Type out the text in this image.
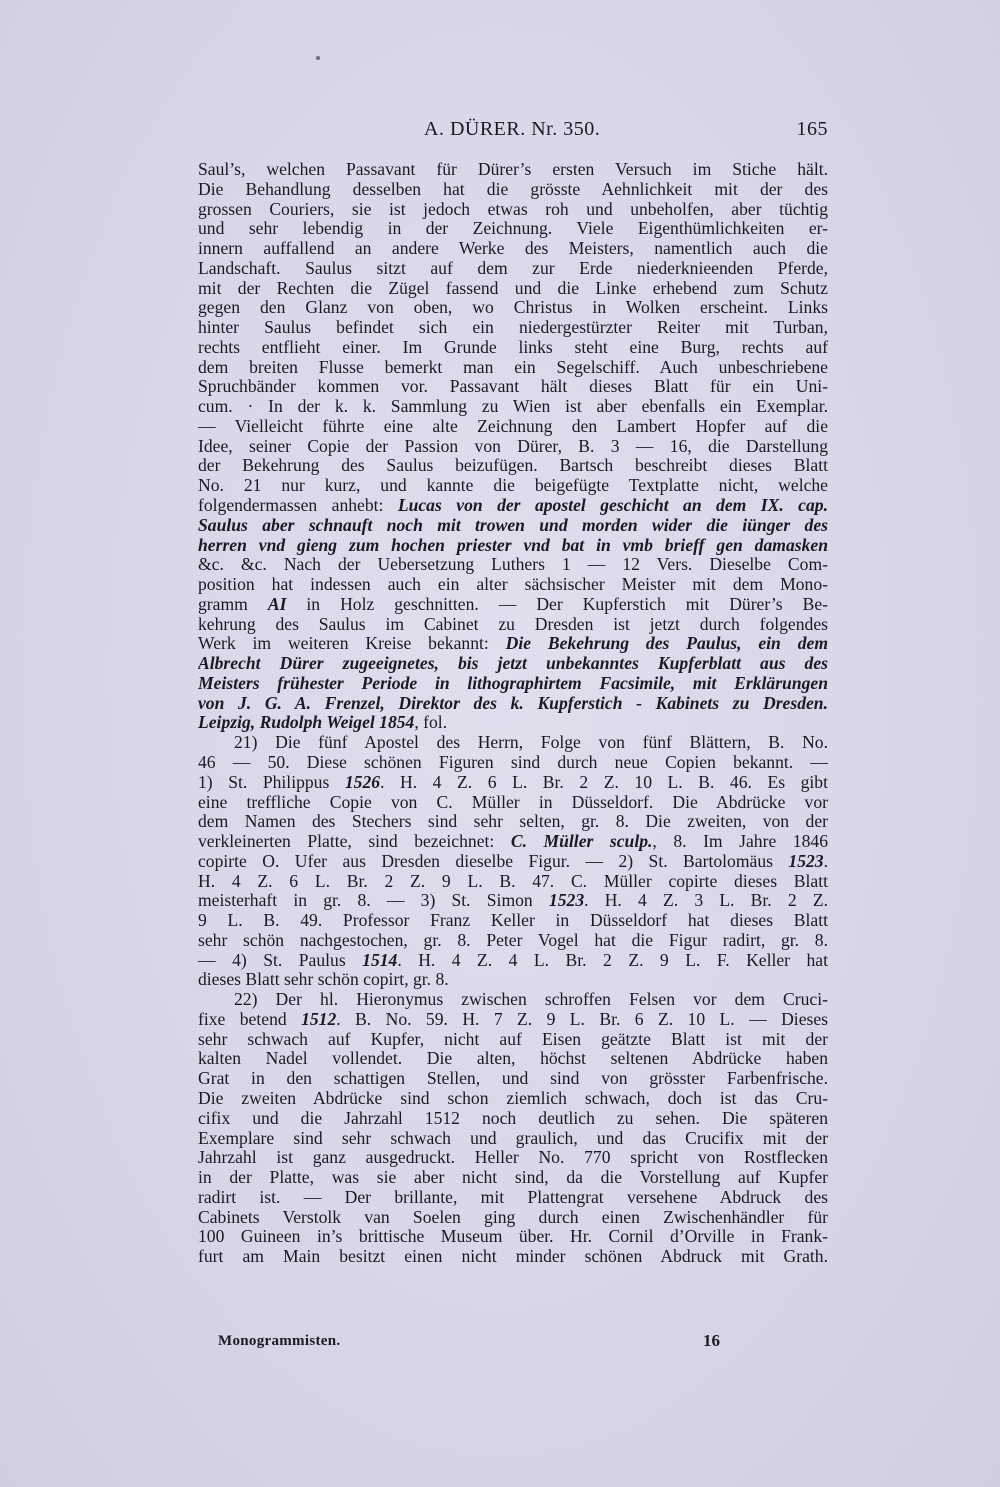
A. DÜRER. Nr. 350.	165
Saul’s, welchen Passavant für Dürer’s ersten Versuch im Stiche hält.
Die Behandlung desselben hat die grösste Aehnlichkeit mit der des
grossen Couriers, sie ist jedoch etwas roh und unbeholfen, aber tüchtig
und sehr lebendig in der Zeichnung. Viele Eigenthümlichkeiten er-
innern auffallend an andere Werke des Meisters, namentlich auch die
Landschaft. Saulus sitzt auf dem zur Erde niederknieenden Pferde,
mit der Rechten die Zügel fassend und die Linke erhebend zum Schutz
gegen den Glanz von oben, wo Christus in Wolken erscheint. Links
hinter Saulus befindet sich ein niedergestürzter Reiter mit Turban,
rechts entflieht einer. Im Grunde links steht eine Burg, rechts auf
dem breiten Flusse bemerkt man ein Segelschiff. Auch unbeschriebene
Spruchbänder kommen vor. Passavant hält dieses Blatt für ein Uni-
cum. · In der k. k. Sammlung zu Wien ist aber ebenfalls ein Exemplar.
— Vielleicht führte eine alte Zeichnung den Lambert Hopfer auf die
Idee, seiner Copie der Passion von Dürer, B. 3 — 16, die Darstellung
der Bekehrung des Saulus beizufügen. Bartsch beschreibt dieses Blatt
No. 21 nur kurz, und kannte die beigefügte Textplatte nicht, welche
folgendermassen anhebt: Lucas von der apostel geschicht an dem IX. cap.
Saulus aber schnauft noch mit trowen und morden wider die iünger des
herren vnd gieng zum hochen priester vnd bat in vmb brieff gen damasken
&c. &c. Nach der Uebersetzung Luthers 1 — 12 Vers. Dieselbe Com-
position hat indessen auch ein alter sächsischer Meister mit dem Mono-
gramm AI in Holz geschnitten. — Der Kupferstich mit Dürer’s Be-
kehrung des Saulus im Cabinet zu Dresden ist jetzt durch folgendes
Werk im weiteren Kreise bekannt: Die Bekehrung des Paulus, ein dem
Albrecht Dürer zugeeignetes, bis jetzt unbekanntes Kupferblatt aus des
Meisters frühester Periode in lithographirtem Facsimile, mit Erklärungen
von J. G. A. Frenzel, Direktor des k. Kupferstich - Kabinets zu Dresden.
Leipzig, Rudolph Weigel 1854, fol.
21) Die fünf Apostel des Herrn, Folge von fünf Blättern, B. No.
46 — 50. Diese schönen Figuren sind durch neue Copien bekannt. —
1) St. Philippus 1526. H. 4 Z. 6 L. Br. 2 Z. 10 L. B. 46. Es gibt
eine treffliche Copie von C. Müller in Düsseldorf. Die Abdrücke vor
dem Namen des Stechers sind sehr selten, gr. 8. Die zweiten, von der
verkleinerten Platte, sind bezeichnet: C. Müller sculp., 8. Im Jahre 1846
copirte O. Ufer aus Dresden dieselbe Figur. — 2) St. Bartolomäus 1523.
H. 4 Z. 6 L. Br. 2 Z. 9 L. B. 47. C. Müller copirte dieses Blatt
meisterhaft in gr. 8. — 3) St. Simon 1523. H. 4 Z. 3 L. Br. 2 Z.
9 L. B. 49. Professor Franz Keller in Düsseldorf hat dieses Blatt
sehr schön nachgestochen, gr. 8. Peter Vogel hat die Figur radirt, gr. 8.
— 4) St. Paulus 1514. H. 4 Z. 4 L. Br. 2 Z. 9 L. F. Keller hat
dieses Blatt sehr schön copirt, gr. 8.
22) Der hl. Hieronymus zwischen schroffen Felsen vor dem Cruci-
fixe betend 1512. B. No. 59. H. 7 Z. 9 L. Br. 6 Z. 10 L. — Dieses
sehr schwach auf Kupfer, nicht auf Eisen geätzte Blatt ist mit der
kalten Nadel vollendet. Die alten, höchst seltenen Abdrücke haben
Grat in den schattigen Stellen, und sind von grösster Farbenfrische.
Die zweiten Abdrücke sind schon ziemlich schwach, doch ist das Cru-
cifix und die Jahrzahl 1512 noch deutlich zu sehen. Die späteren
Exemplare sind sehr schwach und graulich, und das Crucifix mit der
Jahrzahl ist ganz ausgedruckt. Heller No. 770 spricht von Rostflecken
in der Platte, was sie aber nicht sind, da die Vorstellung auf Kupfer
radirt ist. — Der brillante, mit Plattengrat versehene Abdruck des
Cabinets Verstolk van Soelen ging durch einen Zwischenhändler für
100 Guineen in’s brittische Museum über. Hr. Cornil d’Orville in Frank-
furt am Main besitzt einen nicht minder schönen Abdruck mit Grath.
Monogrammisten.	16
